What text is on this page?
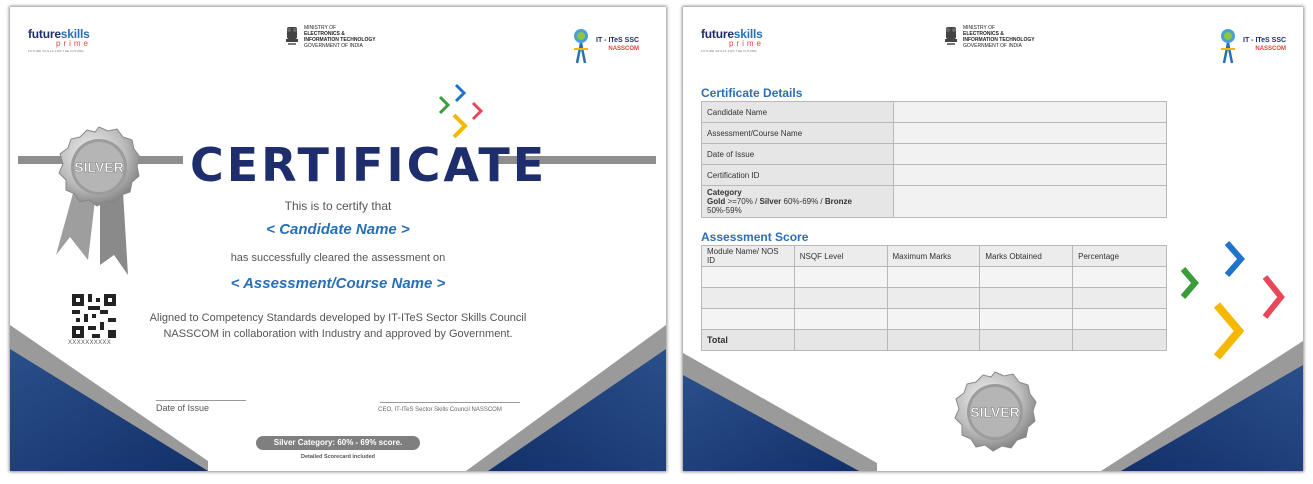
futureskills
prime
FUTURE SKILLS FOR THE FUTURE
MINISTRY OF
ELECTRONICS &
INFORMATION TECHNOLOGY
GOVERNMENT OF INDIA
IT - ITeS SSC
NASSCOM
CERTIFICATE
SILVER
This is to certify that
< Candidate Name >
has successfully cleared the assessment on
< Assessment/Course Name >
XXXXXXXXXX
Aligned to Competency Standards developed by IT-ITeS Sector Skills Council NASSCOM in collaboration with Industry and approved by Government.
Date of Issue	CEO, IT-ITeS Sector Skills Council NASSCOM
Silver Category: 60% - 69% score.
Detailed Scorecard included
SILVER
futureskills
prime
FUTURE SKILLS FOR THE FUTURE
MINISTRY OF
ELECTRONICS &
INFORMATION TECHNOLOGY
GOVERNMENT OF INDIA
IT - ITeS SSC
NASSCOM
Certificate Details
Candidate Name	
Assessment/Course Name	
Date of Issue	
Certification ID	

Category
Gold >=70% / Silver 60%-69% / Bronze 50%-59%	

Assessment Score
Module Name/ NOS ID	NSQF Level	Maximum Marks	Marks Obtained	Percentage

Total				
